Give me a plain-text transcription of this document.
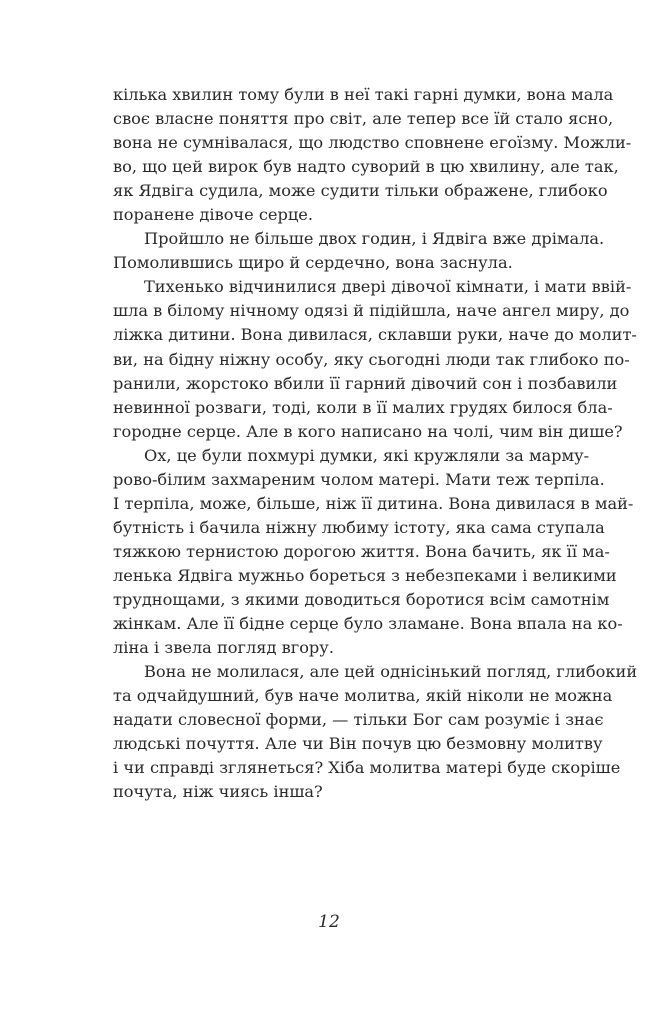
кілька хвилин тому були в неї такі гарні думки, вона мала
своє власне поняття про світ, але тепер все їй стало ясно,
вона не сумнівалася, що людство сповнене егоїзму. Можли-
во, що цей вирок був надто суворий в цю хвилину, але так,
як Ядвіга судила, може судити тільки ображене, глибоко
поранене дівоче серце.
Пройшло не більше двох годин, і Ядвіга вже дрімала.
Помолившись щиро й сердечно, вона заснула.
Тихенько відчинилися двері дівочої кімнати, і мати ввій-
шла в білому нічному одязі й підійшла, наче ангел миру, до
ліжка дитини. Вона дивилася, склавши руки, наче до молит-
ви, на бідну ніжну особу, яку сьогодні люди так глибоко по-
ранили, жорстоко вбили її гарний дівочий сон і позбавили
невинної розваги, тоді, коли в її малих грудях билося бла-
городне серце. Але в кого написано на чолі, чим він дише?
Ох, це були похмурі думки, які кружляли за марму-
рово-білим захмареним чолом матері. Мати теж терпіла.
І терпіла, може, більше, ніж її дитина. Вона дивилася в май-
бутність і бачила ніжну любиму істоту, яка сама ступала
тяжкою тернистою дорогою життя. Вона бачить, як її ма-
ленька Ядвіга мужньо бореться з небезпеками і великими
труднощами, з якими доводиться боротися всім самотнім
жінкам. Але її бідне серце було зламане. Вона впала на ко-
ліна і звела погляд вгору.
Вона не молилася, але цей однісінький погляд, глибокий
та одчайдушний, був наче молитва, якій ніколи не можна
надати словесної форми, — тільки Бог сам розуміє і знає
людські почуття. Але чи Він почув цю безмовну молитву
і чи справді зглянеться? Хіба молитва матері буде скоріше
почута, ніж чиясь інша?
12
